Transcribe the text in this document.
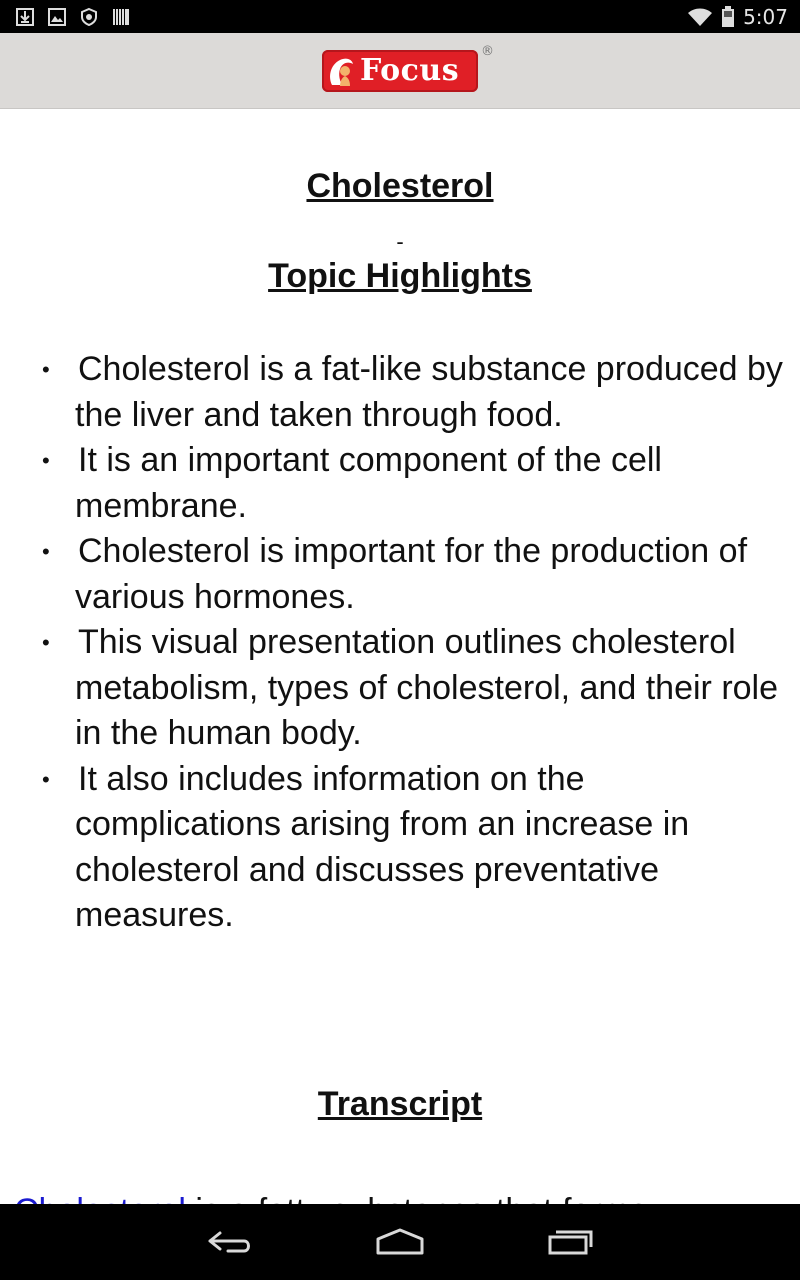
5:07
Focus
®
Cholesterol
-
Topic Highlights
• Cholesterol is a fat-like substance produced by the liver and taken through food.
• It is an important component of the cell membrane.
• Cholesterol is important for the production of various hormones.
• This visual presentation outlines cholesterol metabolism, types of cholesterol, and their role in the human body.
• It also includes information on the complications arising from an increase in cholesterol and discusses preventative measures.
Transcript
